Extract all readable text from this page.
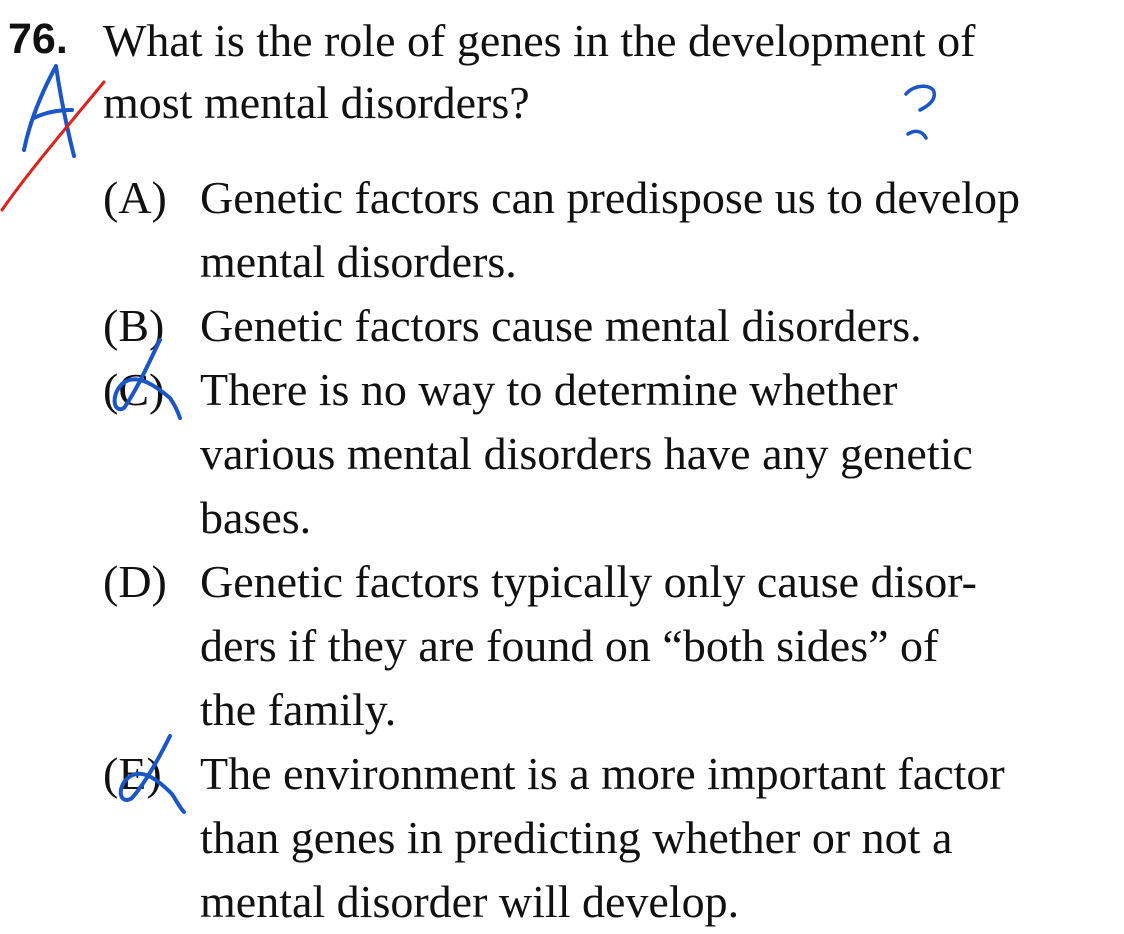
76. What is the role of genes in the development of
most mental disorders?
(A) Genetic factors can predispose us to develop
mental disorders.
(B) Genetic factors cause mental disorders.
(C) There is no way to determine whether
various mental disorders have any genetic
bases.
(D) Genetic factors typically only cause disor-
ders if they are found on “both sides” of
the family.
(E) The environment is a more important factor
than genes in predicting whether or not a
mental disorder will develop.
